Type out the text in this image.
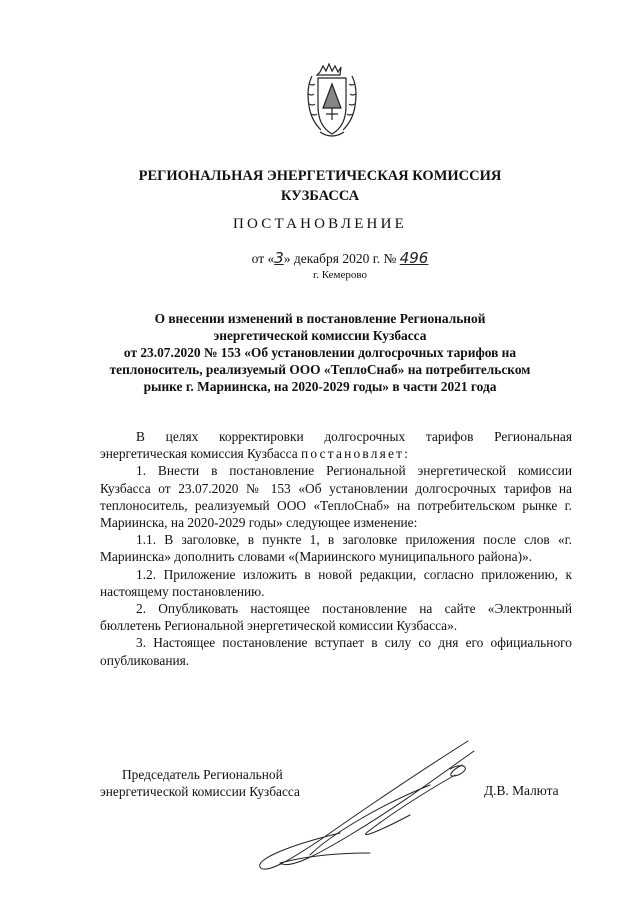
РЕГИОНАЛЬНАЯ ЭНЕРГЕТИЧЕСКАЯ КОМИССИЯ
КУЗБАССА
ПОСТАНОВЛЕНИЕ
от «3» декабря 2020 г. № 496
г. Кемерово
О внесении изменений в постановление Региональной
энергетической комиссии Кузбасса
от 23.07.2020 № 153 «Об установлении долгосрочных тарифов на
теплоноситель, реализуемый ООО «ТеплоСнаб» на потребительском
рынке г. Мариинска, на 2020-2029 годы» в части 2021 года

В целях корректировки долгосрочных тарифов Региональная энергетическая комиссия Кузбасса постановляет:

1. Внести в постановление Региональной энергетической комиссии Кузбасса от 23.07.2020 № 153 «Об установлении долгосрочных тарифов на теплоноситель, реализуемый ООО «ТеплоСнаб» на потребительском рынке г. Мариинска, на 2020-2029 годы» следующее изменение:

1.1. В заголовке, в пункте 1, в заголовке приложения после слов «г. Мариинска» дополнить словами «(Мариинского муниципального района)».

1.2. Приложение изложить в новой редакции, согласно приложению, к настоящему постановлению.

2. Опубликовать настоящее постановление на сайте «Электронный бюллетень Региональной энергетической комиссии Кузбасса».

3. Настоящее постановление вступает в силу со дня его официального опубликования.

Председатель Региональной
энергетической комиссии Кузбасса	Д.В. Малюта
